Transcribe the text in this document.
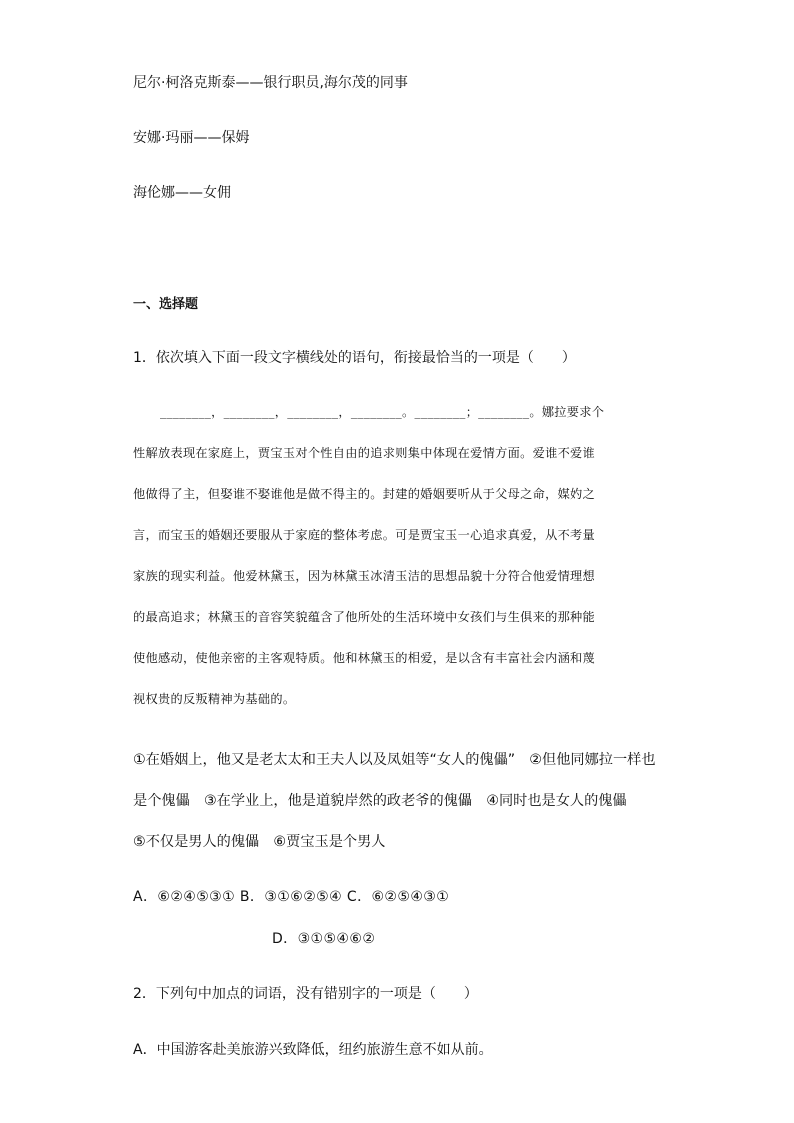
尼尔·柯洛克斯泰——银行职员,海尔茂的同事
安娜·玛丽——保姆
海伦娜——女佣
一、选择题
1．依次填入下面一段文字横线处的语句，衔接最恰当的一项是（　　）

________，________，________，________。________；________。娜拉要求个

性解放表现在家庭上，贾宝玉对个性自由的追求则集中体现在爱情方面。爱谁不爱谁

他做得了主，但娶谁不娶谁他是做不得主的。封建的婚姻要听从于父母之命，媒妁之

言，而宝玉的婚姻还要服从于家庭的整体考虑。可是贾宝玉一心追求真爱，从不考量

家族的现实利益。他爱林黛玉，因为林黛玉冰清玉洁的思想品貌十分符合他爱情理想

的最高追求；林黛玉的音容笑貌蕴含了他所处的生活环境中女孩们与生俱来的那种能

使他感动，使他亲密的主客观特质。他和林黛玉的相爱，是以含有丰富社会内涵和蔑

视权贵的反叛精神为基础的。

①在婚姻上，他又是老太太和王夫人以及凤姐等“女人的傀儡”　②但他同娜拉一样也
是个傀儡　③在学业上，他是道貌岸然的政老爷的傀儡　④同时也是女人的傀儡
⑤不仅是男人的傀儡　⑥贾宝玉是个男人
A．⑥②④⑤③① B．③①⑥②⑤④ C．⑥②⑤④③①
D．③①⑤④⑥②
2．下列句中加点的词语，没有错别字的一项是（　　）
A．中国游客赴美旅游兴致降低，纽约旅游生意不如从前。
